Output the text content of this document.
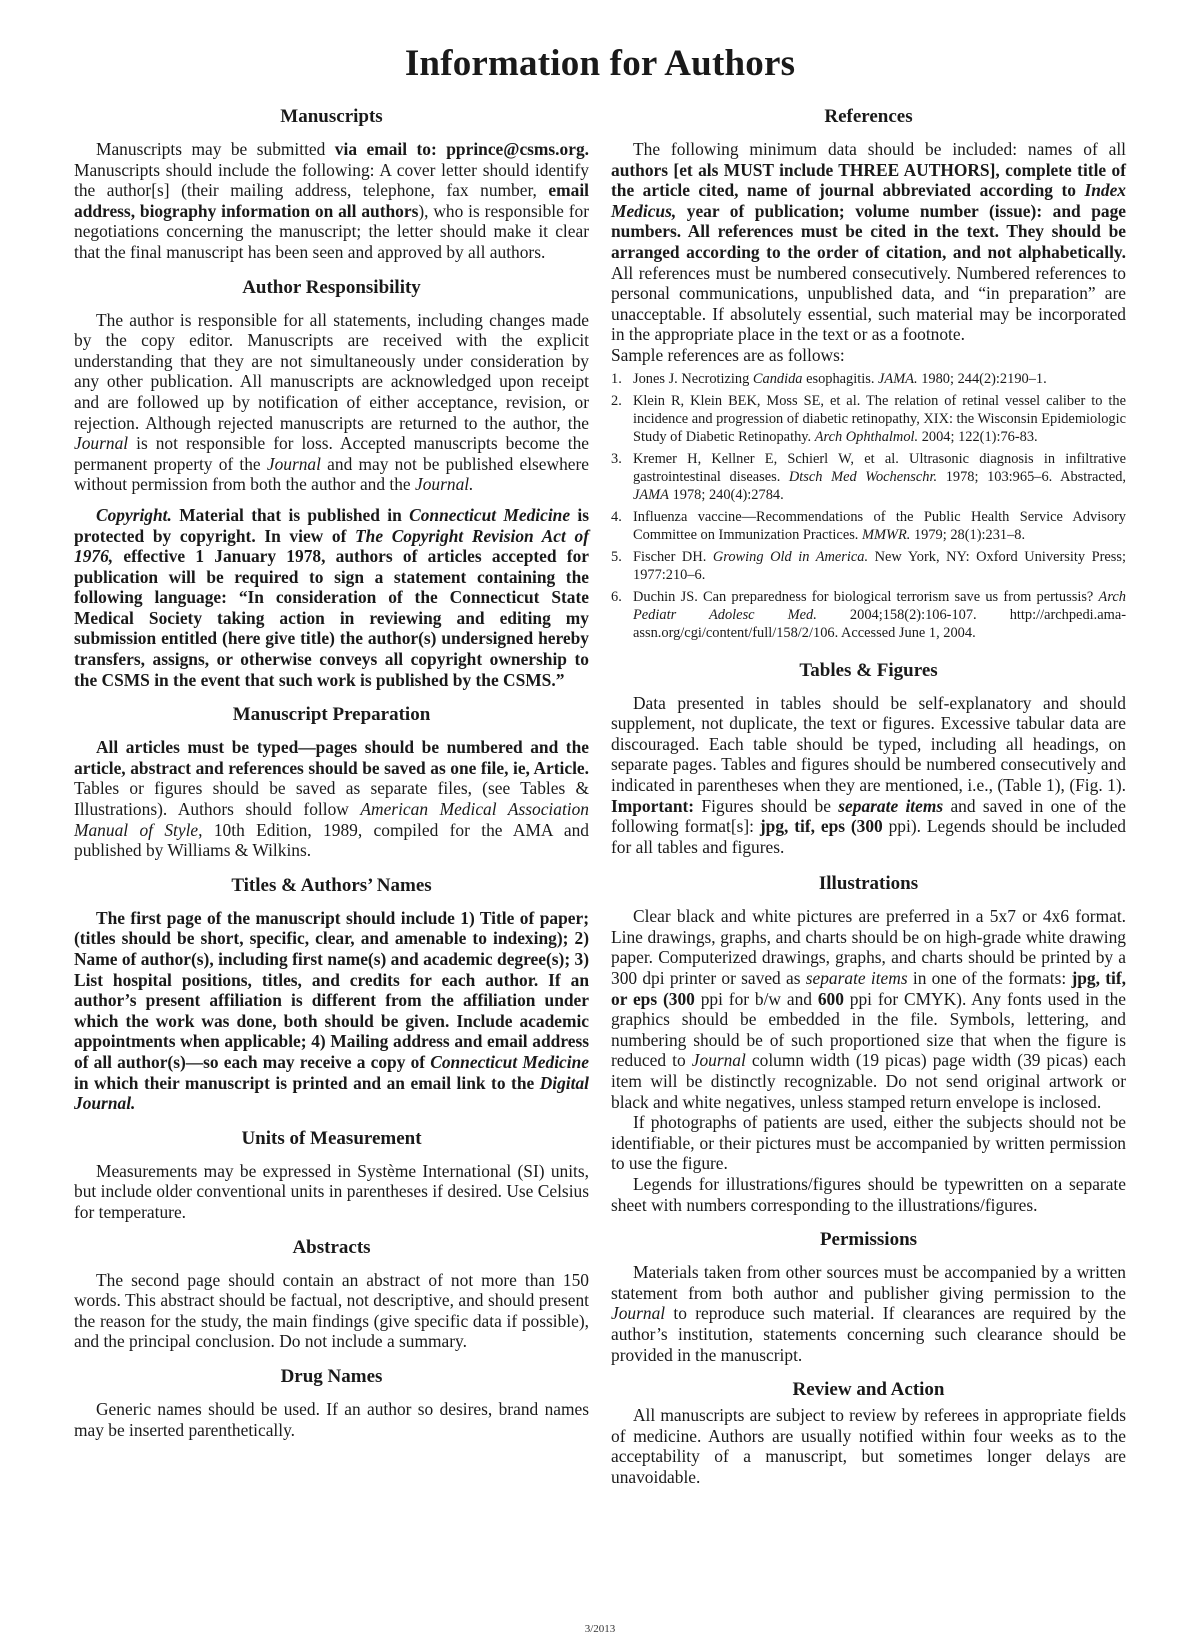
Information for Authors
Manuscripts

Manuscripts may be submitted via email to: pprince@csms.org. Manuscripts should include the following: A cover letter should identify the author[s] (their mailing address, telephone, fax number, email address, biography information on all authors), who is responsible for negotiations concerning the manuscript; the letter should make it clear that the final manuscript has been seen and approved by all authors.

Author Responsibility

The author is responsible for all statements, including changes made by the copy editor. Manuscripts are received with the explicit understanding that they are not simultaneously under consideration by any other publication. All manuscripts are acknowledged upon receipt and are followed up by notification of either acceptance, revision, or rejection. Although rejected manuscripts are returned to the author, the Journal is not responsible for loss. Accepted manuscripts become the permanent property of the Journal and may not be published elsewhere without permission from both the author and the Journal.

Copyright. Material that is published in Connecticut Medicine is protected by copyright. In view of The Copyright Revision Act of 1976, effective 1 January 1978, authors of articles accepted for publication will be required to sign a statement containing the following language: “In consideration of the Connecticut State Medical Society taking action in reviewing and editing my submission entitled (here give title) the author(s) undersigned hereby transfers, assigns, or otherwise conveys all copyright ownership to the CSMS in the event that such work is published by the CSMS.”

Manuscript Preparation

All articles must be typed—pages should be numbered and the article, abstract and references should be saved as one file, ie, Article. Tables or figures should be saved as separate files, (see Tables & Illustrations). Authors should follow American Medical Association Manual of Style, 10th Edition, 1989, compiled for the AMA and published by Williams & Wilkins.

Titles & Authors’ Names

The first page of the manuscript should include 1) Title of paper; (titles should be short, specific, clear, and amenable to indexing); 2) Name of author(s), including first name(s) and academic degree(s); 3) List hospital positions, titles, and credits for each author. If an author’s present affiliation is different from the affiliation under which the work was done, both should be given. Include academic appointments when applicable; 4) Mailing address and email address of all author(s)—so each may receive a copy of Connecticut Medicine in which their manuscript is printed and an email link to the Digital Journal.

Units of Measurement

Measurements may be expressed in Système International (SI) units, but include older conventional units in parentheses if desired. Use Celsius for temperature.

Abstracts

The second page should contain an abstract of not more than 150 words. This abstract should be factual, not descriptive, and should present the reason for the study, the main findings (give specific data if possible), and the principal conclusion. Do not include a summary.

Drug Names

Generic names should be used. If an author so desires, brand names may be inserted parenthetically.

References

The following minimum data should be included: names of all authors [et als MUST include THREE AUTHORS], complete title of the article cited, name of journal abbreviated according to Index Medicus, year of publication; volume number (issue): and page numbers. All references must be cited in the text. They should be arranged according to the order of citation, and not alphabetically. All references must be numbered consecutively. Numbered references to personal communications, unpublished data, and “in preparation” are unacceptable. If absolutely essential, such material may be incorporated in the appropriate place in the text or as a footnote.

Sample references are as follows:

1. Jones J. Necrotizing Candida esophagitis. JAMA. 1980; 244(2):2190–1.
2. Klein R, Klein BEK, Moss SE, et al. The relation of retinal vessel caliber to the incidence and progression of diabetic retinopathy, XIX: the Wisconsin Epidemiologic Study of Diabetic Retinopathy. Arch Ophthalmol. 2004; 122(1):76-83.
3. Kremer H, Kellner E, Schierl W, et al. Ultrasonic diagnosis in infiltrative gastrointestinal diseases. Dtsch Med Wochenschr. 1978; 103:965–6. Abstracted, JAMA 1978; 240(4):2784.
4. Influenza vaccine—Recommendations of the Public Health Service Advisory Committee on Immunization Practices. MMWR. 1979; 28(1):231–8.
5. Fischer DH. Growing Old in America. New York, NY: Oxford University Press; 1977:210–6.
6. Duchin JS. Can preparedness for biological terrorism save us from pertussis? Arch Pediatr Adolesc Med. 2004;158(2):106-107. http://archpedi.ama-assn.org/cgi/content/full/158/2/106. Accessed June 1, 2004.
Tables & Figures

Data presented in tables should be self-explanatory and should supplement, not duplicate, the text or figures. Excessive tabular data are discouraged. Each table should be typed, including all headings, on separate pages. Tables and figures should be numbered consecutively and indicated in parentheses when they are mentioned, i.e., (Table 1), (Fig. 1). Important: Figures should be separate items and saved in one of the following format[s]: jpg, tif, eps (300 ppi). Legends should be included for all tables and figures.

Illustrations

Clear black and white pictures are preferred in a 5x7 or 4x6 format. Line drawings, graphs, and charts should be on high-grade white drawing paper. Computerized drawings, graphs, and charts should be printed by a 300 dpi printer or saved as separate items in one of the formats: jpg, tif, or eps (300 ppi for b/w and 600 ppi for CMYK). Any fonts used in the graphics should be embedded in the file. Symbols, lettering, and numbering should be of such proportioned size that when the figure is reduced to Journal column width (19 picas) page width (39 picas) each item will be distinctly recognizable. Do not send original artwork or black and white negatives, unless stamped return envelope is inclosed.

If photographs of patients are used, either the subjects should not be identifiable, or their pictures must be accompanied by written permission to use the figure.

Legends for illustrations/figures should be typewritten on a separate sheet with numbers corresponding to the illustrations/figures.

Permissions

Materials taken from other sources must be accompanied by a written statement from both author and publisher giving permission to the Journal to reproduce such material. If clearances are required by the author’s institution, statements concerning such clearance should be provided in the manuscript.

Review and Action

All manuscripts are subject to review by referees in appropriate fields of medicine. Authors are usually notified within four weeks as to the acceptability of a manuscript, but sometimes longer delays are unavoidable.

3/2013
